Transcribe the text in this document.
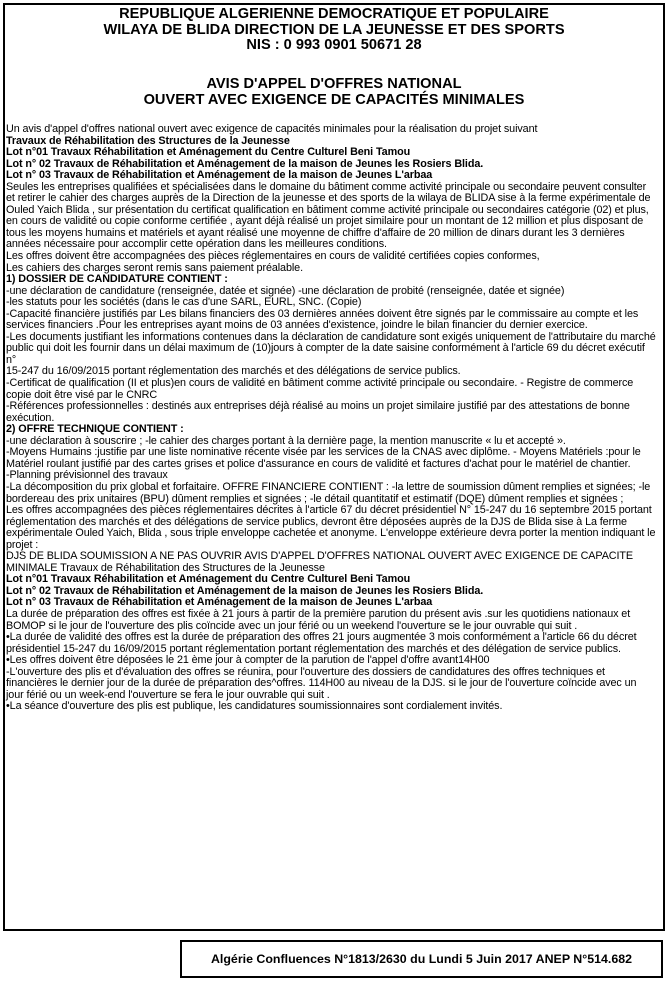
REPUBLIQUE ALGERIENNE DEMOCRATIQUE ET POPULAIRE
WILAYA DE BLIDA DIRECTION DE LA JEUNESSE ET DES SPORTS
NIS : 0 993 0901 50671 28
AVIS D'APPEL D'OFFRES NATIONAL
OUVERT AVEC EXIGENCE DE CAPACITÉS MINIMALES

Un avis d'appel d'offres national ouvert avec exigence de capacités minimales pour la réalisation du projet suivant

Travaux de Réhabilitation des Structures de la Jeunesse

Lot n°01 Travaux Réhabilitation et Aménagement du Centre Culturel Beni Tamou

Lot n° 02 Travaux de Réhabilitation et Aménagement de la maison de Jeunes les Rosiers Blida.

Lot n° 03 Travaux de Réhabilitation et Aménagement de la maison de Jeunes L'arbaa

Seules les entreprises qualifiées et spécialisées dans le domaine du bâtiment comme activité principale ou secondaire peuvent consulter et retirer le cahier des charges auprès de la Direction de la jeunesse et des sports de la wilaya de BLIDA sise à la ferme expérimentale de Ouled Yaich Blida , sur présentation du certificat qualification en bâtiment comme activité principale ou secondaires catégorie (02) et plus, en cours de validité ou copie conforme certifiée , ayant déjà réalisé un projet similaire pour un montant de 12 million et plus disposant de tous les moyens humains et matériels et ayant réalisé une moyenne de chiffre d'affaire de 20 million de dinars durant les 3 dernières années nécessaire pour accomplir cette opération dans les meilleures conditions.

Les offres doivent être accompagnées des pièces réglementaires en cours de validité certifiées copies conformes,

Les cahiers des charges seront remis sans paiement préalable.

1) DOSSIER DE CANDIDATURE CONTIENT :

-une déclaration de candidature (renseignée, datée et signée) -une déclaration de probité (renseignée, datée et signée)

-les statuts pour les sociétés (dans le cas d'une SARL, EURL, SNC. (Copie)

-Capacité financière justifiés par Les bilans financiers des 03 dernières années doivent être signés par le commissaire au compte et les services financiers .Pour les entreprises ayant moins de 03 années d'existence, joindre le bilan financier du dernier exercice.

-Les documents justifiant les informations contenues dans la déclaration de candidature sont exigés uniquement de l'attributaire du marché

public qui doit les fournir dans un délai maximum de (10)jours à compter de la date saisine conformément à l'article 69 du décret exécutif n°

15-247 du 16/09/2015 portant réglementation des marchés et des délégations de service publics.

-Certificat de qualification (II et plus)en cours de validité en bâtiment comme activité principale ou secondaire. - Registre de commerce copie doit être visé par le CNRC

-Références professionnelles : destinés aux entreprises déjà réalisé au moins un projet similaire justifié par des attestations de bonne exécution.

2) OFFRE TECHNIQUE CONTIENT :

-une déclaration à souscrire ; -le cahier des charges portant à la dernière page, la mention manuscrite « lu et accepté ».

-Moyens Humains :justifie par une liste nominative récente visée par les services de la CNAS avec diplôme. - Moyens Matériels :pour le Matériel roulant justifié par des cartes grises et police d'assurance en cours de validité et factures d'achat pour le matériel de chantier.

-Planning prévisionnel des travaux

-La décomposition du prix global et forfaitaire. OFFRE FINANCIERE CONTIENT : -la lettre de soumission dûment remplies et signées; -le bordereau des prix unitaires (BPU) dûment remplies et signées ; -le détail quantitatif et estimatif (DQE) dûment remplies et signées ;

Les offres accompagnées des pièces réglementaires décrites à l'article 67 du décret présidentiel N° 15-247 du 16 septembre 2015 portant réglementation des marchés et des délégations de service publics, devront être déposées auprès de la DJS de Blida sise à La ferme expérimentale Ouled Yaich, Blida , sous triple enveloppe cachetée et anonyme. L'enveloppe extérieure devra porter la mention indiquant le projet :

DJS DE BLIDA SOUMISSION A NE PAS OUVRIR AVIS D'APPEL D'OFFRES NATIONAL OUVERT AVEC EXIGENCE DE CAPACITE MINIMALE Travaux de Réhabilitation des Structures de la Jeunesse

Lot n°01 Travaux Réhabilitation et Aménagement du Centre Culturel Beni Tamou

Lot n° 02 Travaux de Réhabilitation et Aménagement de la maison de Jeunes les Rosiers Blida.

Lot n° 03 Travaux de Réhabilitation et Aménagement de la maison de Jeunes L'arbaa

La durée de préparation des offres est fixée à 21 jours à partir de la première parution du présent avis .sur les quotidiens nationaux et BOMOP si le jour de l'ouverture des plis coïncide avec un jour férié ou un weekend l'ouverture se le jour ouvrable qui suit .

•La durée de validité des offres est la durée de préparation des offres 21 jours augmentée 3 mois conformément a l'article 66 du décret présidentiel 15-247 du 16/09/2015 portant réglementation portant réglementation des marchés et des délégation de service publics.

•Les offres doivent être déposées le 21 ème jour à compter de la parution de l'appel d'offre avant14H00

-L'ouverture des plis et d'évaluation des offres se réunira, pour l'ouverture des dossiers de candidatures des offres techniques et financières le dernier jour de la durée de préparation des^offres. 114H00 au niveau de la DJS. si le jour de l'ouverture coïncide avec un jour férié ou un week-end l'ouverture se fera le jour ouvrable qui suit .

•La séance d'ouverture des plis est publique, les candidatures soumissionnaires sont cordialement invités.

Algérie Confluences N°1813/2630 du Lundi 5 Juin 2017 ANEP N°514.682
